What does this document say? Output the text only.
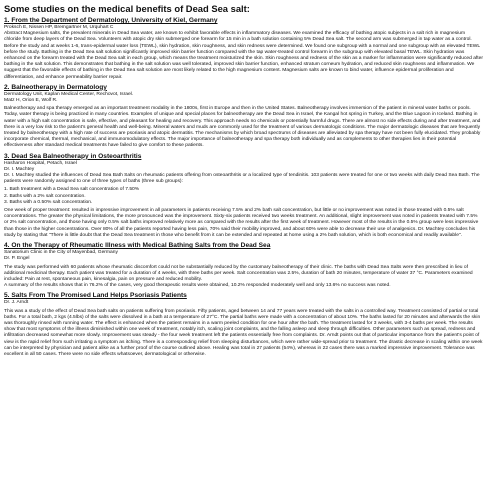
Some studies on the medical benefits of Dead Sea salt:

1. From the Department of Dermatology, University of Kiel, Germany

Proksch E, Nissen HP, Bremgartner M, Urquhart C

Abstract Magnesium salts, the prevalent minerals in Dead Sea water, are known to exhibit favorable effects in inflammatory diseases. We examined the efficacy of bathing atopic subjects in a salt rich in magnesium chloride from deep layers of the Dead Sea. Volunteers with atopic dry skin submerged one forearm for 15 min in a bath solution containing 5% Dead Sea salt. The second arm was submerged in tap water as a control. Before the study and at weeks 1-6, trans-epidermal water loss (TEWL), skin hydration, skin roughness, and skin redness were determined. We found one subgroup with a normal and one subgroup with an elevated TEWL before the study. Bathing in the Dead Sea salt solution significantly improved skin barrier function compared with the tap water-treated control forearm in the subgroup with elevated basal TEWL. Skin hydration was enhanced on the forearm treated with the Dead Sea salt in each group, which means the treatment moisturized the skin. Skin roughness and redness of the skin as a marker for inflammation were significantly reduced after bathing in the salt solution. This demonstrates that bathing in the salt solution was well tolerated, improved skin barrier function, enhanced stratum corneum hydration, and reduced skin roughness and inflammation. We suggest that the favorable effects of bathing in the Dead Sea salt solution are most likely related to the high magnesium content. Magnesium salts are known to bind water, influence epidermal proliferation and differentiation, and enhance permeability barrier repair.

2. Balneotherapy in Dermatology

Dermatology Unit, Kaplan Medical Center, Rechovot, Israel.

Matz H, Orion E, Wolf R.

Balneotherapy and spa therapy emerged as an important treatment modality in the 1800s, first in Europe and then in the United States. Balneotherapy involves immersion of the patient in mineral water baths or pools. Today, water therapy is being practiced in many countries. Examples of unique and special places for balneotherapy are the Dead Sea in Israel, the Kangal hot spring in Turkey, and the Blue Lagoon in Iceland. Bathing in water with a high salt concentration is safe, effective, and pleasant for healing and recovery. This approach needs no chemicals or potentially harmful drugs. There are almost no side effects during and after treatment, and there is a very low risk to the patient's general health and well-being. Mineral waters and muds are commonly used for the treatment of various dermatologic conditions. The major dermatologic diseases that are frequently treated by balneotherapy with a high rate of success are psoriasis and atopic dermatitis. The mechanisms by which broad spectrums of diseases are alleviated by spa therapy have not been fully elucidated. They probably incorporate chemical, thermal, mechanical, and immunomodulatory effects. The major importance of balneotherapy and spa therapy both individually and as complements to other therapies lies in their potential effectiveness after standard medical treatments have failed to give comfort to these patients.

3. Dead Sea Balneotherapy in Osteoarthritis

Hasharon Hospital, Petach, Israel

Dr. I. Machtey

Dr. I. Machtey studied the influences of Dead Sea Bath Salts on rheumatic patients offering from osteoarthritis or a localized type of tendinitis. 103 patients were treated for one or two weeks with daily Dead Sea Bath. The patients were randomly assigned to one of three types of baths (three sub groups):

1. Bath treatment with a Dead Sea salt concentration of 7.50%
2. Baths with a 2% salt concentration.
3. Baths with a 0.50% salt concentration.

One week of proper treatment: resulted in impressive improvement in all parameters in patients receiving 7.5% and 2% bath salt concentration, but little or no improvement was noted in those treated with 0.5% salt concentrations. The greater the physical limitations, the more pronounced was the improvement. Sixty-six patients received two weeks treatment. An additional, slight improvement was noted in patients treated with 7.5% or 2% salt concentration, and those having only 0.5% salt baths improved relatively more as compared with the results after the first week of treatment. However most of the results in the 0.5% group were less impressive than those in the higher concentrations. Over 80% of all the patients reported having less pain, 70% said their mobility improved, and about 60% were able to decrease their use of analgesics. Dr. Machtey concludes his study by stating that "There is little doubt that the Dead Sea treatment in those who benefit from it can be extended and repeated at home using a 2% bath solution, which is both economical and readily available".

4. On the Therapy of Rheumatic Illness with Medical Bathing Salts from the Dead Sea

Sanatorium Clinic in the City of Mayenbad, Germany

Dr. P. Engel

The study was performed with 60 patients whose rheumatic discomfort could not be substantially reduced by the customary balneotherapy of their clinic. The baths with Dead Sea Salts were then prescribed in lieu of additional medicinal therapy. Each patient was treated for a duration of 4 weeks, with three baths per week. Salt concentration was 2.5%, duration of bath 20 minutes, temperature of water 37 °C. Parameters examined included: Pain at rest, spontaneous pain, kinesalgia, pain on pressure and reduced mobility.

A summary of the results shows that in 76.2% of the cases, very good therapeutic results were obtained, 10.2% responded moderately well and only 13.6% no success was noted.

5. Salts From The Promised Land Helps Psoriasis Patients

Dr. J. Arndt

This was a study of the effect of Dead Sea bath salts on patients suffering from psoriasis. Fifty patients, aged between 14 and 77 years were treated with the salts in a controlled way. Treatment consisted of partial or total baths. For a total bath, 2 kgs (4.5lbs) of the salts were dissolved in a bath at a temperature of 27°C. The partial baths were made with a concentration of about 10%. The baths lasted for 20 minutes and afterwards the skin was thoroughly rinsed with running water. The effect is enhanced when the patient remains in a warm peeled condition for one hour after the bath. The treatment lasted for 3 weeks, with 3-4 baths per week. The results show that most symptoms of the illness diminished within one week of treatment, notably itch, scaling joint complaints, and the falling asleep and sleep through difficulties. Other parameters such as spread, redness and infiltration decreased somewhat more slowly. Improvement was steady - the four week treatment left the patients essentially free from complaints. Dr. Arndt points out that of particular importance from the patient's point of view is the rapid relief from such irritating a symptom as itching. There is a corresponding relief from sleeping disturbances, which were rather wide-spread prior to treatment. The drastic decrease in scaling within one week can be interpreted by physician and patient alike as a further proof of the course outlined above. Healing was total in 27 patients (54%), whereas in 22 cases there was a marked impressive improvement. Tolerance was excellent in all 50 cases. There were no side effects whatsoever, dermatological or otherwise.
